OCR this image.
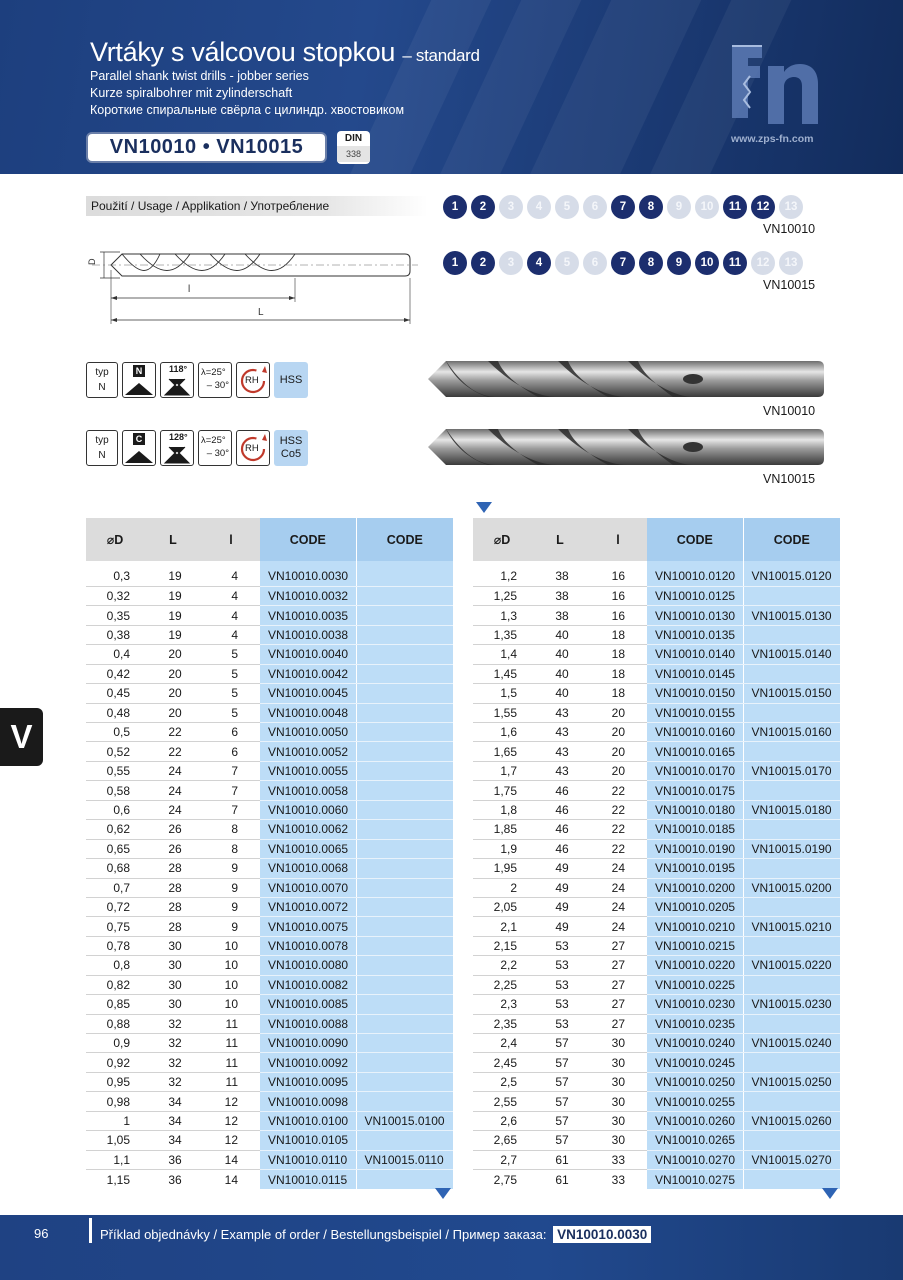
Vrtáky s válcovou stopkou – standard
Parallel shank twist drills - jobber series
Kurze spiralbohrer mit zylinderschaft
Короткие спиральные свёрла с цилиндр. хвостовиком
VN10010 • VN10015	DIN
338
www.zps-fn.com
Použití / Usage / Applikation / Употребление	1	2	3	4	5	6	7	8	9	10	11	12	13
VN10010
1	2	3	4	5	6	7	8	9	10	11	12	13
VN10015
D
l
L
typ
N
N	118° λ=25°
– 30° RH HSS
typ
N
C	128° λ=25°
– 30° RH
HSS
Co5
VN10010
VN10015
⌀D	L	l	CODE	CODE

0,3	19	4	VN10010.0030	
0,32	19	4	VN10010.0032	
0,35	19	4	VN10010.0035	
0,38	19	4	VN10010.0038	
0,4	20	5	VN10010.0040	
0,42	20	5	VN10010.0042	
0,45	20	5	VN10010.0045	
0,48	20	5	VN10010.0048	
0,5	22	6	VN10010.0050	
0,52	22	6	VN10010.0052	
0,55	24	7	VN10010.0055	
0,58	24	7	VN10010.0058	
0,6	24	7	VN10010.0060	
0,62	26	8	VN10010.0062	
0,65	26	8	VN10010.0065	
0,68	28	9	VN10010.0068	
0,7	28	9	VN10010.0070	
0,72	28	9	VN10010.0072	
0,75	28	9	VN10010.0075	
0,78	30	10	VN10010.0078	
0,8	30	10	VN10010.0080	
0,82	30	10	VN10010.0082	
0,85	30	10	VN10010.0085	
0,88	32	11	VN10010.0088	
0,9	32	11	VN10010.0090	
0,92	32	11	VN10010.0092	
0,95	32	11	VN10010.0095	
0,98	34	12	VN10010.0098	
1	34	12	VN10010.0100	VN10015.0100
1,05	34	12	VN10010.0105	
1,1	36	14	VN10010.0110	VN10015.0110
1,15	36	14	VN10010.0115	
⌀D	L	l	CODE	CODE

1,2	38	16	VN10010.0120	VN10015.0120
1,25	38	16	VN10010.0125	
1,3	38	16	VN10010.0130	VN10015.0130
1,35	40	18	VN10010.0135	
1,4	40	18	VN10010.0140	VN10015.0140
1,45	40	18	VN10010.0145	
1,5	40	18	VN10010.0150	VN10015.0150
1,55	43	20	VN10010.0155	
1,6	43	20	VN10010.0160	VN10015.0160
1,65	43	20	VN10010.0165	
1,7	43	20	VN10010.0170	VN10015.0170
1,75	46	22	VN10010.0175	
1,8	46	22	VN10010.0180	VN10015.0180
1,85	46	22	VN10010.0185	
1,9	46	22	VN10010.0190	VN10015.0190
1,95	49	24	VN10010.0195	
2	49	24	VN10010.0200	VN10015.0200
2,05	49	24	VN10010.0205	
2,1	49	24	VN10010.0210	VN10015.0210
2,15	53	27	VN10010.0215	
2,2	53	27	VN10010.0220	VN10015.0220
2,25	53	27	VN10010.0225	
2,3	53	27	VN10010.0230	VN10015.0230
2,35	53	27	VN10010.0235	
2,4	57	30	VN10010.0240	VN10015.0240
2,45	57	30	VN10010.0245	
2,5	57	30	VN10010.0250	VN10015.0250
2,55	57	30	VN10010.0255	
2,6	57	30	VN10010.0260	VN10015.0260
2,65	57	30	VN10010.0265	
2,7	61	33	VN10010.0270	VN10015.0270
2,75	61	33	VN10010.0275	
V
96	Příklad objednávky / Example of order / Bestellungsbeispiel / Пример заказа: VN10010.0030
